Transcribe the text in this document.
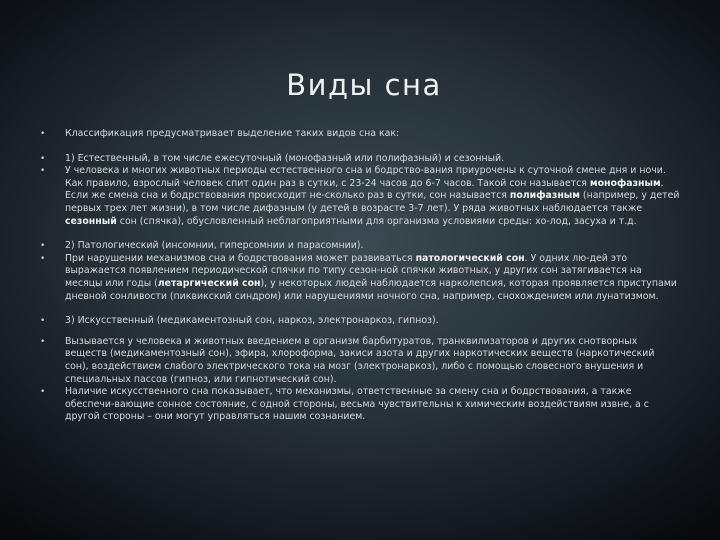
Виды сна
• Классификация предусматривает выделение таких видов сна как:
• 1) Естественный, в том числе ежесуточный (монофазный или полифазный) и сезонный.
• У человека и многих животных периоды естественного сна и бодрство-вания приурочены к суточной смене дня и ночи. Как правило, взрослый человек спит один раз в сутки, с 23-24 часов до 6-7 часов. Такой сон называется монофазным. Если же смена сна и бодрствования происходит не-сколько раз в сутки, сон называется полифазным (например, у детей первых трех лет жизни), в том числе дифазным (у детей в возрасте 3-7 лет). У ряда животных наблюдается также сезонный сон (спячка), обусловленный неблагоприятными для организма условиями среды: хо-лод, засуха и т.д.
• 2) Патологический (инсомнии, гиперсомнии и парасомнии).
• При нарушении механизмов сна и бодрствования может развиваться патологический сон. У одних лю-дей это выражается появлением периодической спячки по типу сезон-ной спячки животных, у других сон затягивается на месяцы или годы (летаргический сон), у некоторых людей наблюдается нарколепсия, которая проявляется приступами дневной сонливости (пиквикский синдром) или нарушениями ночного сна, например, снохождением или лунатизмом.
• 3) Искусственный (медикаментозный сон, наркоз, электронаркоз, гипноз).
• Вызывается у человека и животных введением в организм барбитуратов, транквилизаторов и других снотворных веществ (медикаментозный сон), эфира, хлороформа, закиси азота и других наркотических веществ (наркотический сон), воздействием слабого электрического тока на мозг (электронаркоз), либо с помощью словесного внушения и специальных пассов (гипноз, или гипнотический сон).
• Наличие искусственного сна показывает, что механизмы, ответственные за смену сна и бодрствования, а также обеспечи-вающие сонное состояние, с одной стороны, весьма чувствительны к химическим воздействиям извне, а с другой стороны – они могут управляться нашим сознанием.
